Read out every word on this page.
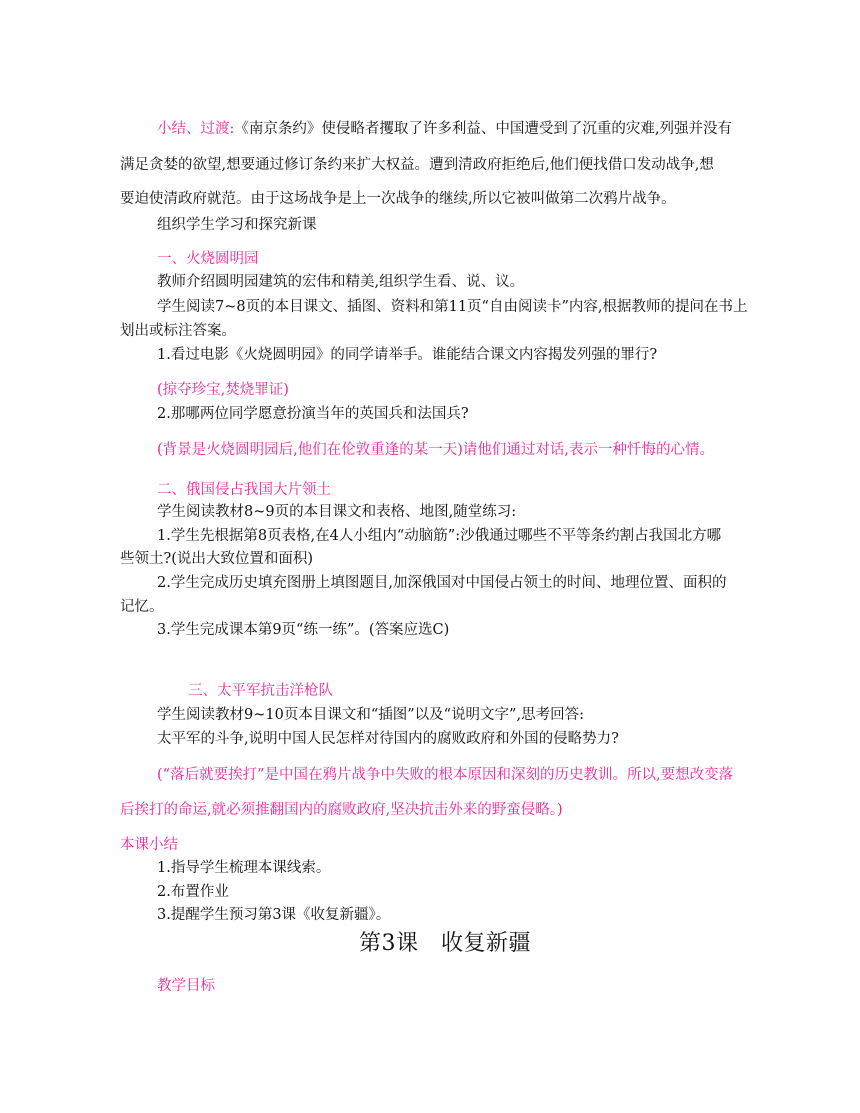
小结、过渡:《南京条约》使侵略者攫取了许多利益、中国遭受到了沉重的灾难,列强并没有
满足贪婪的欲望,想要通过修订条约来扩大权益。遭到清政府拒绝后,他们便找借口发动战争,想
要迫使清政府就范。由于这场战争是上一次战争的继续,所以它被叫做第二次鸦片战争。
组织学生学习和探究新课
一、火烧圆明园
教师介绍圆明园建筑的宏伟和精美,组织学生看、说、议。
学生阅读7~8页的本目课文、插图、资料和第11页“自由阅读卡”内容,根据教师的提问在书上
划出或标注答案。
1.看过电影《火烧圆明园》的同学请举手。谁能结合课文内容揭发列强的罪行?
(掠夺珍宝,焚烧罪证)
2.那哪两位同学愿意扮演当年的英国兵和法国兵?
(背景是火烧圆明园后,他们在伦敦重逢的某一天)请他们通过对话,表示一种忏悔的心情。
二、俄国侵占我国大片领土
学生阅读教材8~9页的本目课文和表格、地图,随堂练习:
1.学生先根据第8页表格,在4人小组内“动脑筋”:沙俄通过哪些不平等条约割占我国北方哪
些领土?(说出大致位置和面积)
2.学生完成历史填充图册上填图题目,加深俄国对中国侵占领土的时间、地理位置、面积的
记忆。
3.学生完成课本第9页“练一练”。(答案应选C)
三、太平军抗击洋枪队
学生阅读教材9~10页本目课文和“插图”以及“说明文字”,思考回答:
太平军的斗争,说明中国人民怎样对待国内的腐败政府和外国的侵略势力?
(“落后就要挨打”是中国在鸦片战争中失败的根本原因和深刻的历史教训。所以,要想改变落
后挨打的命运,就必须推翻国内的腐败政府,坚决抗击外来的野蛮侵略。)
本课小结
1.指导学生梳理本课线索。
2.布置作业
3.提醒学生预习第3课《收复新疆》。
第3课　收复新疆
教学目标
